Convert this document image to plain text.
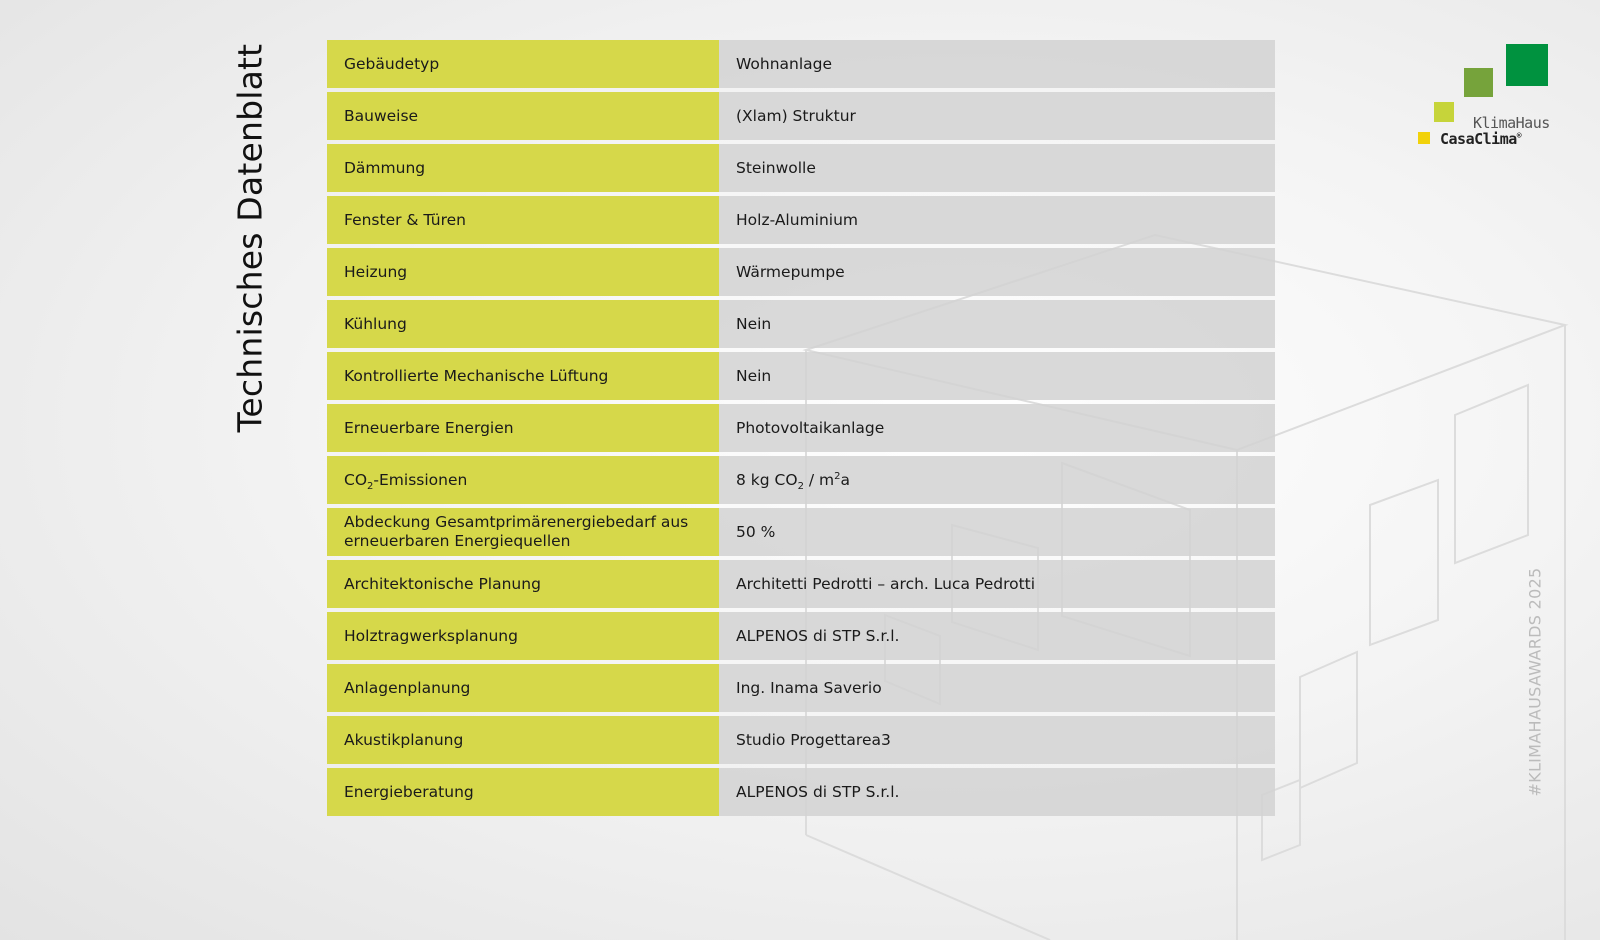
Technisches Datenblatt	Gebäudetyp	Wohnanlage
Bauweise	(Xlam) Struktur
Dämmung	Steinwolle
Fenster & Türen	Holz-Aluminium
Heizung	Wärmepumpe
Kühlung	Nein
Kontrollierte Mechanische Lüftung	Nein
Erneuerbare Energien	Photovoltaikanlage
$CO_2$-Emissionen	8 kg $CO_2 / m^2a$
Abdeckung Gesamtprimärenergiebedarf aus erneuerbaren Energiequellen	50 %
Architektonische Planung	Architetti Pedrotti – arch. Luca Pedrotti
Holztragwerksplanung	ALPENOS di STP S.r.l.
Anlagenplanung	Ing. Inama Saverio
Akustikplanung	Studio Progettarea3
Energieberatung	ALPENOS di STP S.r.l.
KlimaHaus
CasaClima®
#KLIMAHAUSAWARDS 2025
